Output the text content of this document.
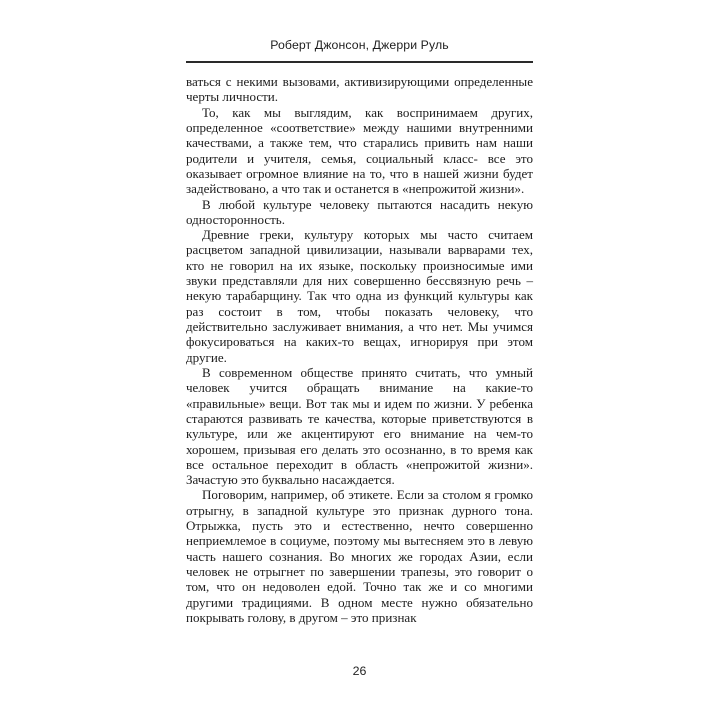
Роберт Джонсон, Джерри Руль

ваться с некими вызовами, активизирующими определенные черты личности.

То, как мы выглядим, как воспринимаем других, определенное «соответствие» между нашими внутренними качествами, а также тем, что старались привить нам наши родители и учителя, семья, социальный класс- все это оказывает огромное влияние на то, что в нашей жизни будет задействовано, а что так и останется в «непрожитой жизни».

В любой культуре человеку пытаются насадить некую односторонность.

Древние греки, культуру которых мы часто считаем расцветом западной цивилизации, называли варварами тех, кто не говорил на их языке, поскольку произносимые ими звуки представляли для них совершенно бессвязную речь – некую тарабарщину. Так что одна из функций культуры как раз состоит в том, чтобы показать человеку, что действительно заслуживает внимания, а что нет. Мы учимся фокусироваться на каких-то вещах, игнорируя при этом другие.

В современном обществе принято считать, что умный человек учится обращать внимание на какие-то «правильные» вещи. Вот так мы и идем по жизни. У ребенка стараются развивать те качества, которые приветствуются в культуре, или же акцентируют его внимание на чем-то хорошем, призывая его делать это осознанно, в то время как все остальное переходит в область «непрожитой жизни». Зачастую это буквально насаждается.

Поговорим, например, об этикете. Если за столом я громко отрыгну, в западной культуре это признак дурного тона. Отрыжка, пусть это и естественно, нечто совершенно неприемлемое в социуме, поэтому мы вытесняем это в левую часть нашего сознания. Во многих же городах Азии, если человек не отрыгнет по завершении трапезы, это говорит о том, что он недоволен едой. Точно так же и со многими другими традициями. В одном месте нужно обязательно покрывать голову, в другом – это признак

26
